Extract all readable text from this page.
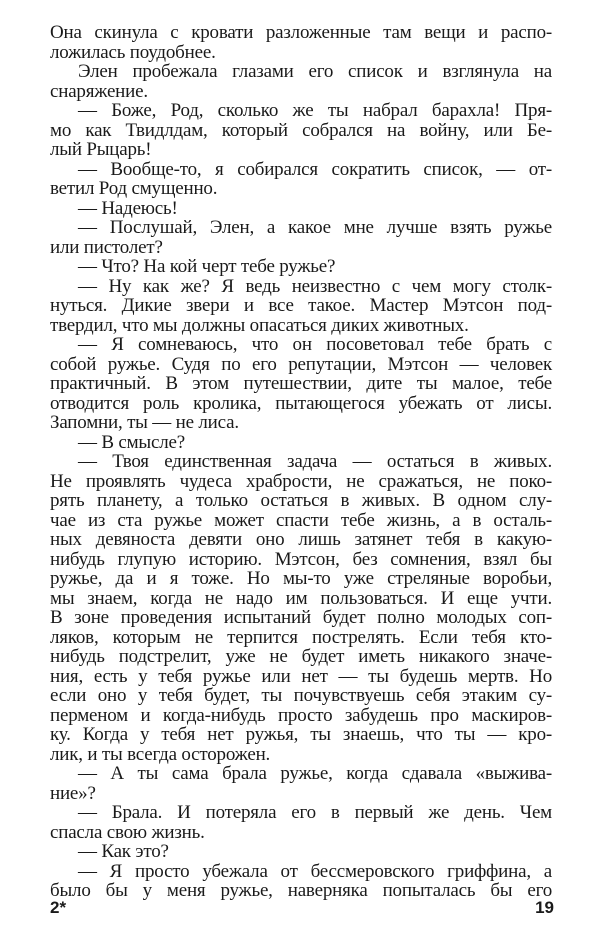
Она скинула с кровати разложенные там вещи и распо-
ложилась поудобнее.
Элен пробежала глазами его список и взглянула на
снаряжение.
— Боже, Род, сколько же ты набрал барахла! Пря-
мо как Твидлдам, который собрался на войну, или Бе-
лый Рыцарь!
— Вообще-то, я собирался сократить список, — от-
ветил Род смущенно.
— Надеюсь!
— Послушай, Элен, а какое мне лучше взять ружье
или пистолет?
— Что? На кой черт тебе ружье?
— Ну как же? Я ведь неизвестно с чем могу столк-
нуться. Дикие звери и все такое. Мастер Мэтсон под-
твердил, что мы должны опасаться диких животных.
— Я сомневаюсь, что он посоветовал тебе брать с
собой ружье. Судя по его репутации, Мэтсон — человек
практичный. В этом путешествии, дите ты малое, тебе
отводится роль кролика, пытающегося убежать от лисы.
Запомни, ты — не лиса.
— В смысле?
— Твоя единственная задача — остаться в живых.
Не проявлять чудеса храбрости, не сражаться, не поко-
рять планету, а только остаться в живых. В одном слу-
чае из ста ружье может спасти тебе жизнь, а в осталь-
ных девяноста девяти оно лишь затянет тебя в какую-
нибудь глупую историю. Мэтсон, без сомнения, взял бы
ружье, да и я тоже. Но мы-то уже стреляные воробьи,
мы знаем, когда не надо им пользоваться. И еще учти.
В зоне проведения испытаний будет полно молодых соп-
ляков, которым не терпится пострелять. Если тебя кто-
нибудь подстрелит, уже не будет иметь никакого значе-
ния, есть у тебя ружье или нет — ты будешь мертв. Но
если оно у тебя будет, ты почувствуешь себя этаким су-
перменом и когда-нибудь просто забудешь про маскиров-
ку. Когда у тебя нет ружья, ты знаешь, что ты — кро-
лик, и ты всегда осторожен.
— А ты сама брала ружье, когда сдавала «выжива-
ние»?
— Брала. И потеряла его в первый же день. Чем
спасла свою жизнь.
— Как это?
— Я просто убежала от бессмеровского гриффина, а
было бы у меня ружье, наверняка попыталась бы его
2*	19
